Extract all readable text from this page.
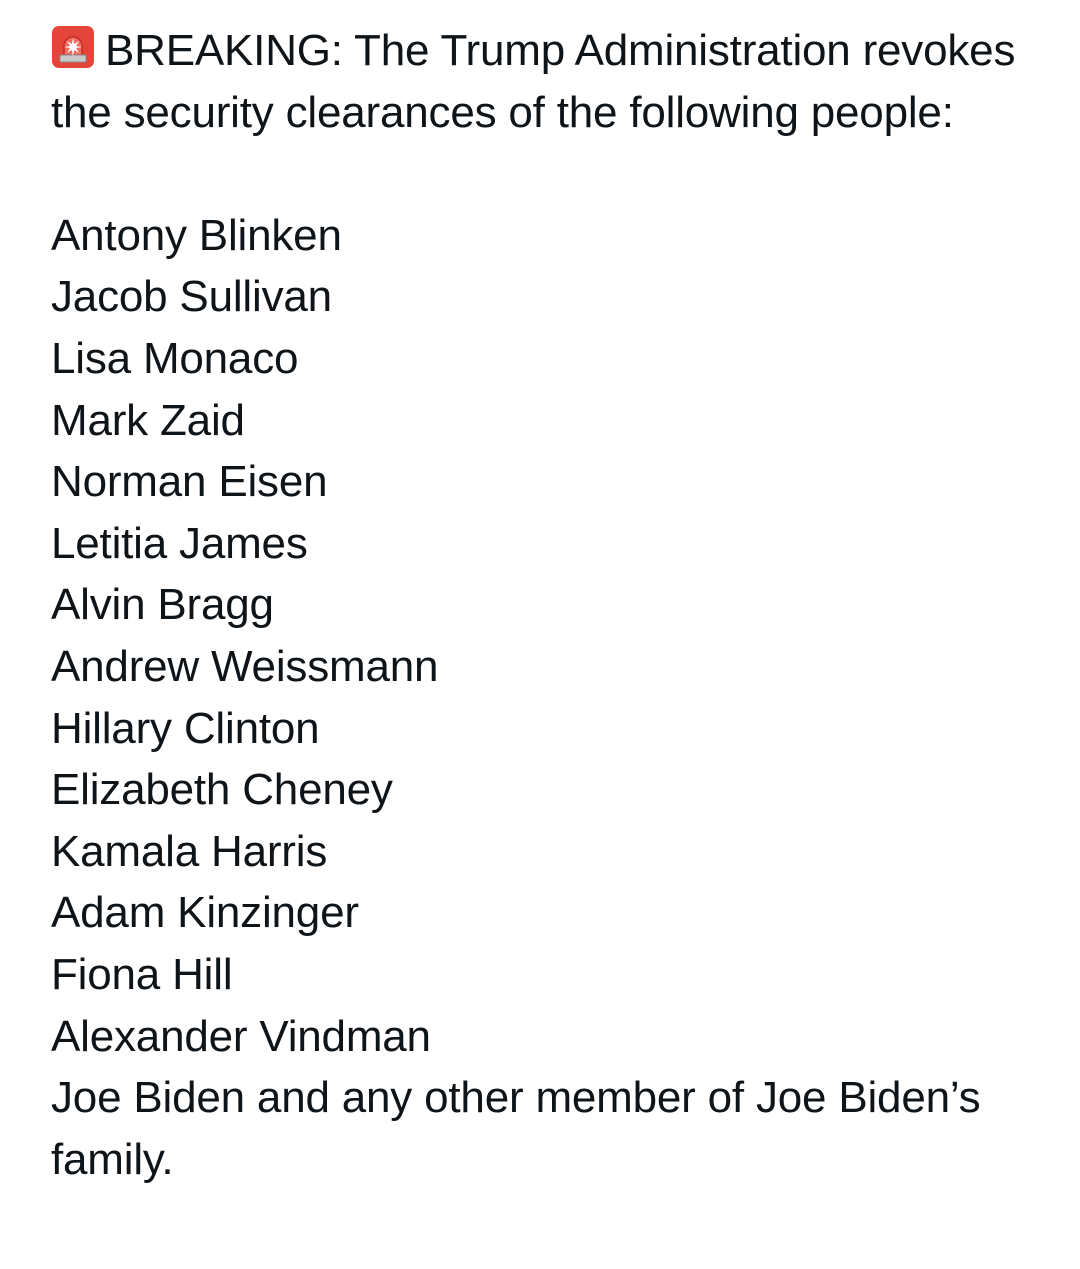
BREAKING: The Trump Administration revokes the security clearances of the following people:

Antony Blinken
Jacob Sullivan
Lisa Monaco
Mark Zaid
Norman Eisen
Letitia James
Alvin Bragg
Andrew Weissmann
Hillary Clinton
Elizabeth Cheney
Kamala Harris
Adam Kinzinger
Fiona Hill
Alexander Vindman
Joe Biden and any other member of Joe Biden’s family.
